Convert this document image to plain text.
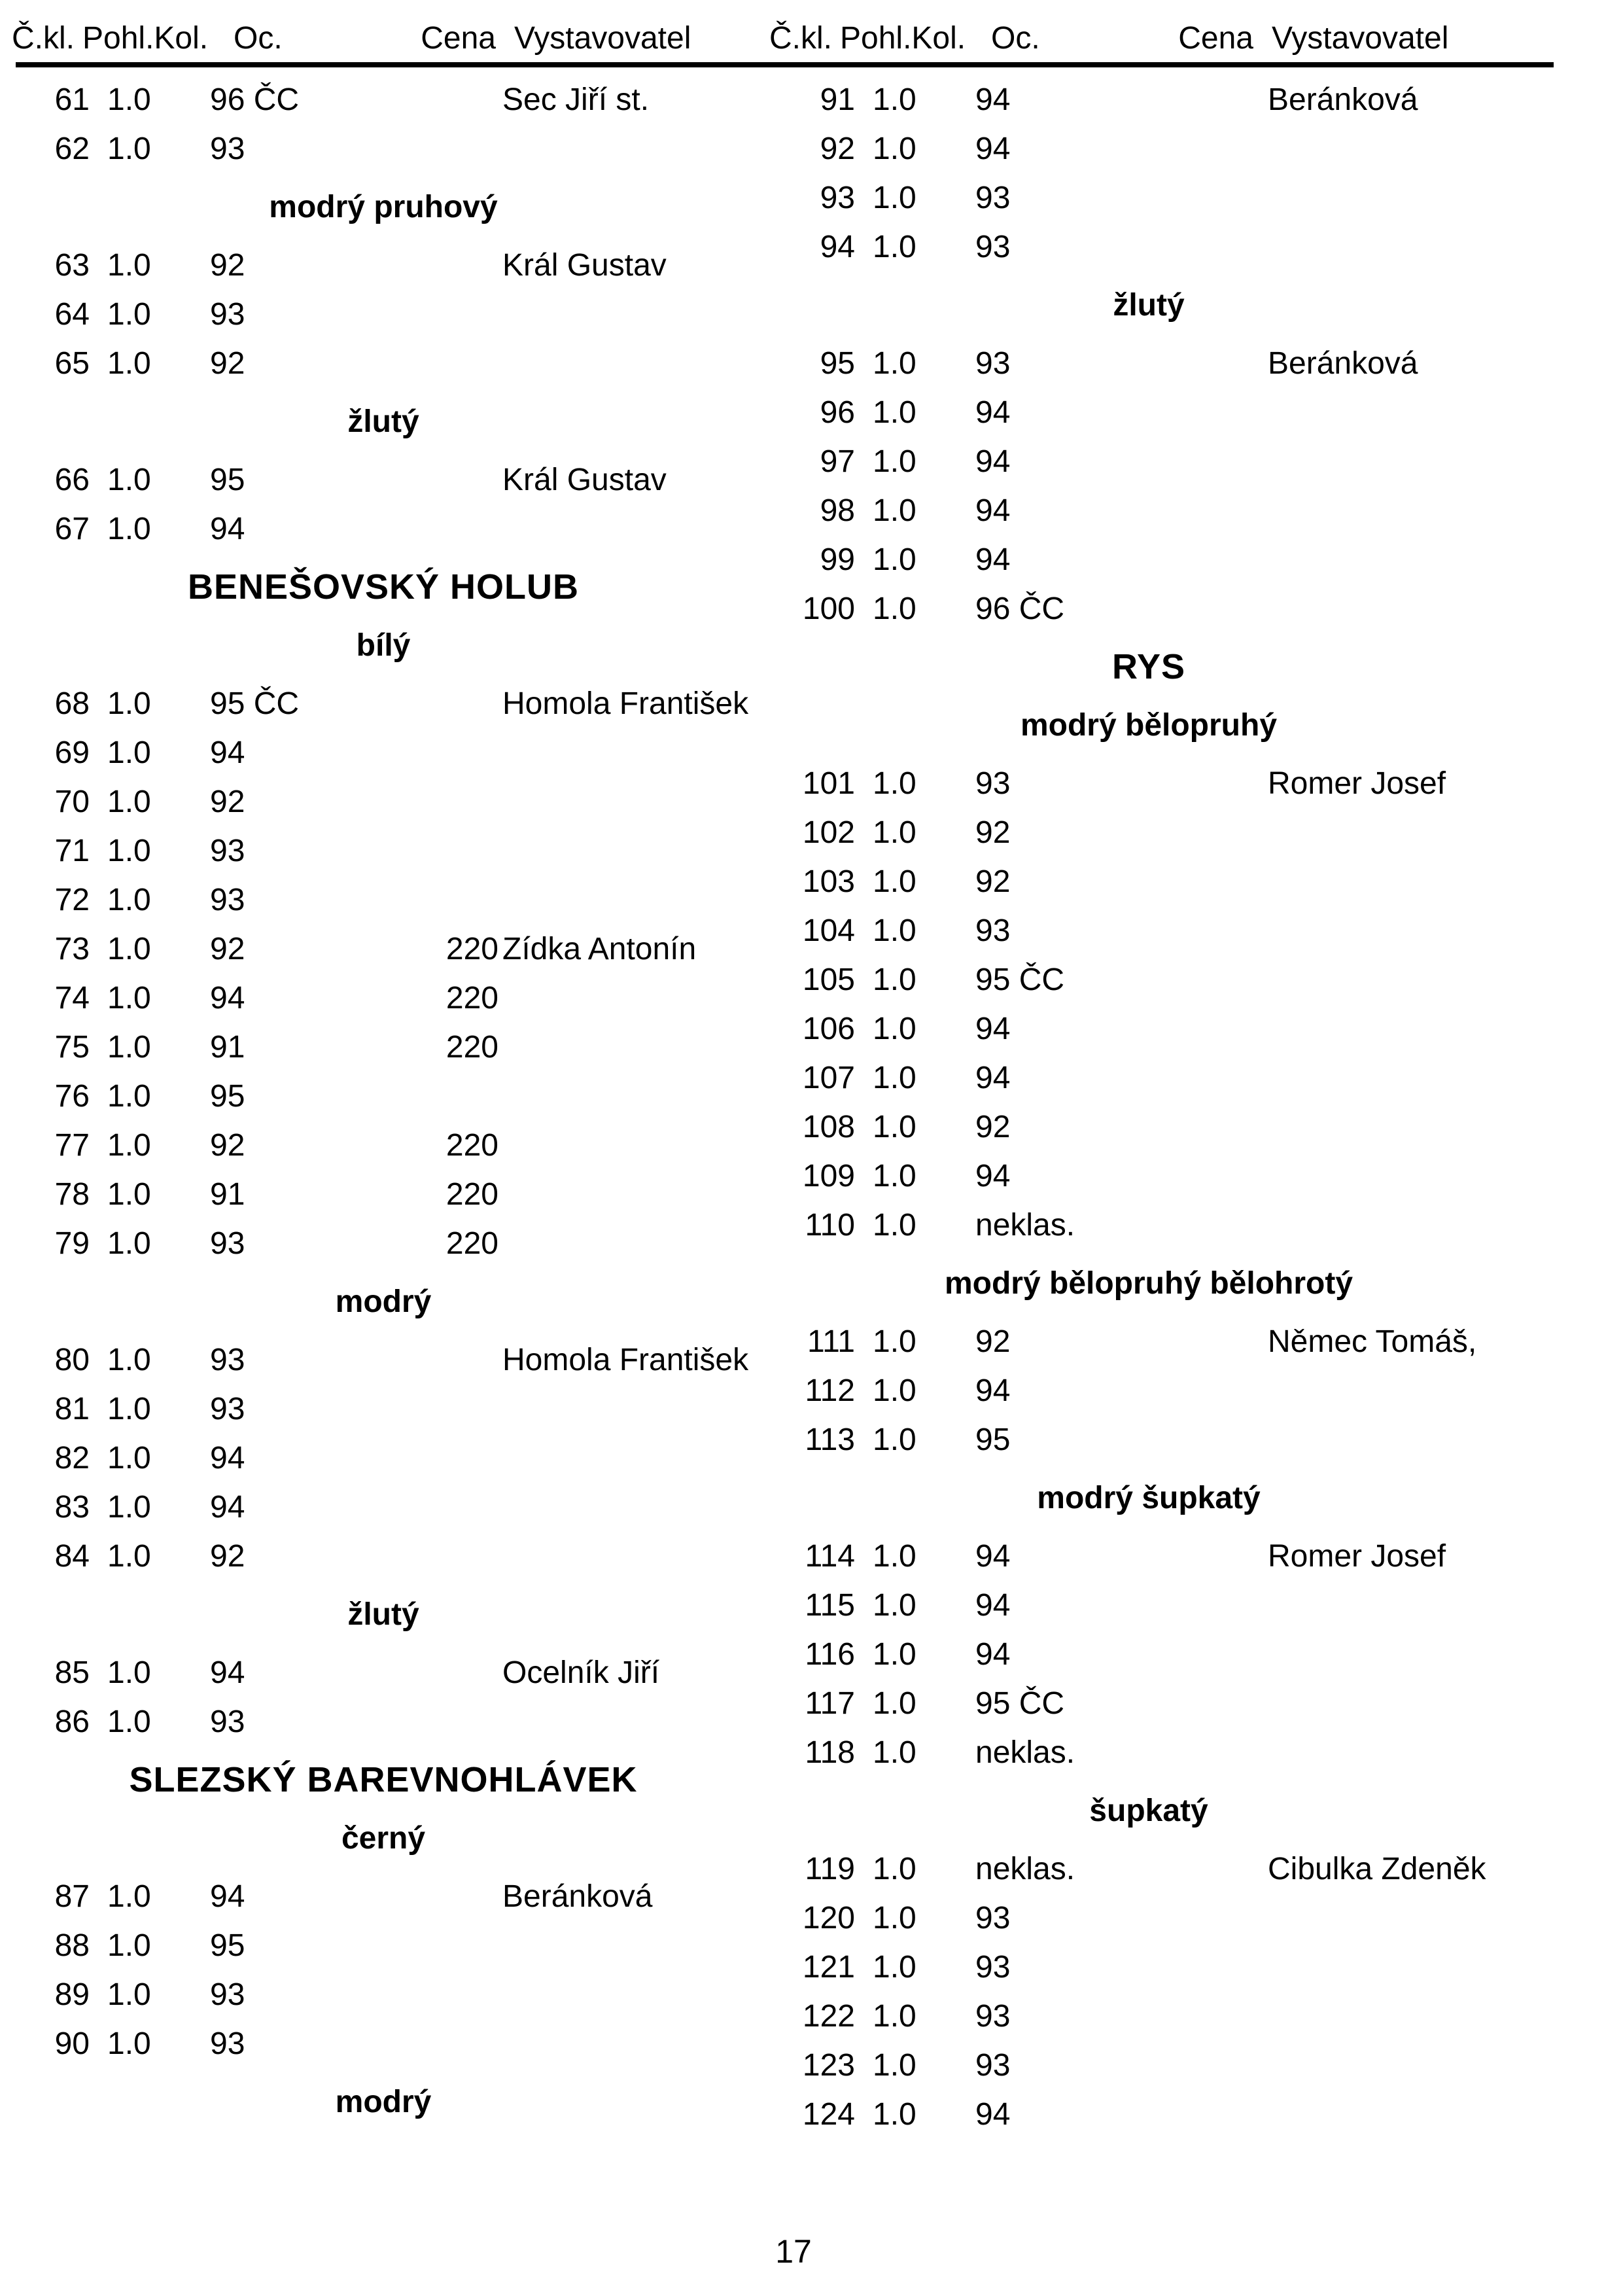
Č.kl. Pohl.Kol. Oc.	Cena Vystavovatel Č.kl. Pohl.Kol. Oc.	Cena Vystavovatel
61 1.0 96 ČC	Sec Jiří st.
62 1.0 93
modrý pruhový
63 1.0 92	Král Gustav
64 1.0 93
65 1.0 92
žlutý
66 1.0 95	Král Gustav
67 1.0 94
BENEŠOVSKÝ HOLUB
bílý
68 1.0 95 ČC	Homola František
69 1.0 94
70 1.0 92
71 1.0 93
72 1.0 93
73 1.0 92	220 Zídka Antonín
74 1.0 94	220
75 1.0 91	220
76 1.0 95
77 1.0 92	220
78 1.0 91	220
79 1.0 93	220
modrý
80 1.0 93	Homola František
81 1.0 93
82 1.0 94
83 1.0 94
84 1.0 92
žlutý
85 1.0 94	Ocelník Jiří
86 1.0 93
SLEZSKÝ BAREVNOHLÁVEK
černý
87 1.0 94	Beránková
88 1.0 95
89 1.0 93
90 1.0 93
modrý
91 1.0 94	Beránková
92 1.0 94
93 1.0 93
94 1.0 93
žlutý
95 1.0 93	Beránková
96 1.0 94
97 1.0 94
98 1.0 94
99 1.0 94
100 1.0 96 ČC
RYS
modrý bělopruhý
101 1.0 93	Romer Josef
102 1.0 92
103 1.0 92
104 1.0 93
105 1.0 95 ČC
106 1.0 94
107 1.0 94
108 1.0 92
109 1.0 94
110 1.0 neklas.
modrý bělopruhý bělohrotý
111 1.0 92	Němec Tomáš,
112 1.0 94
113 1.0 95
modrý šupkatý
114 1.0 94	Romer Josef
115 1.0 94
116 1.0 94
117 1.0 95 ČC
118 1.0 neklas.
šupkatý
119 1.0 neklas.	Cibulka Zdeněk
120 1.0 93
121 1.0 93
122 1.0 93
123 1.0 93
124 1.0 94
17
